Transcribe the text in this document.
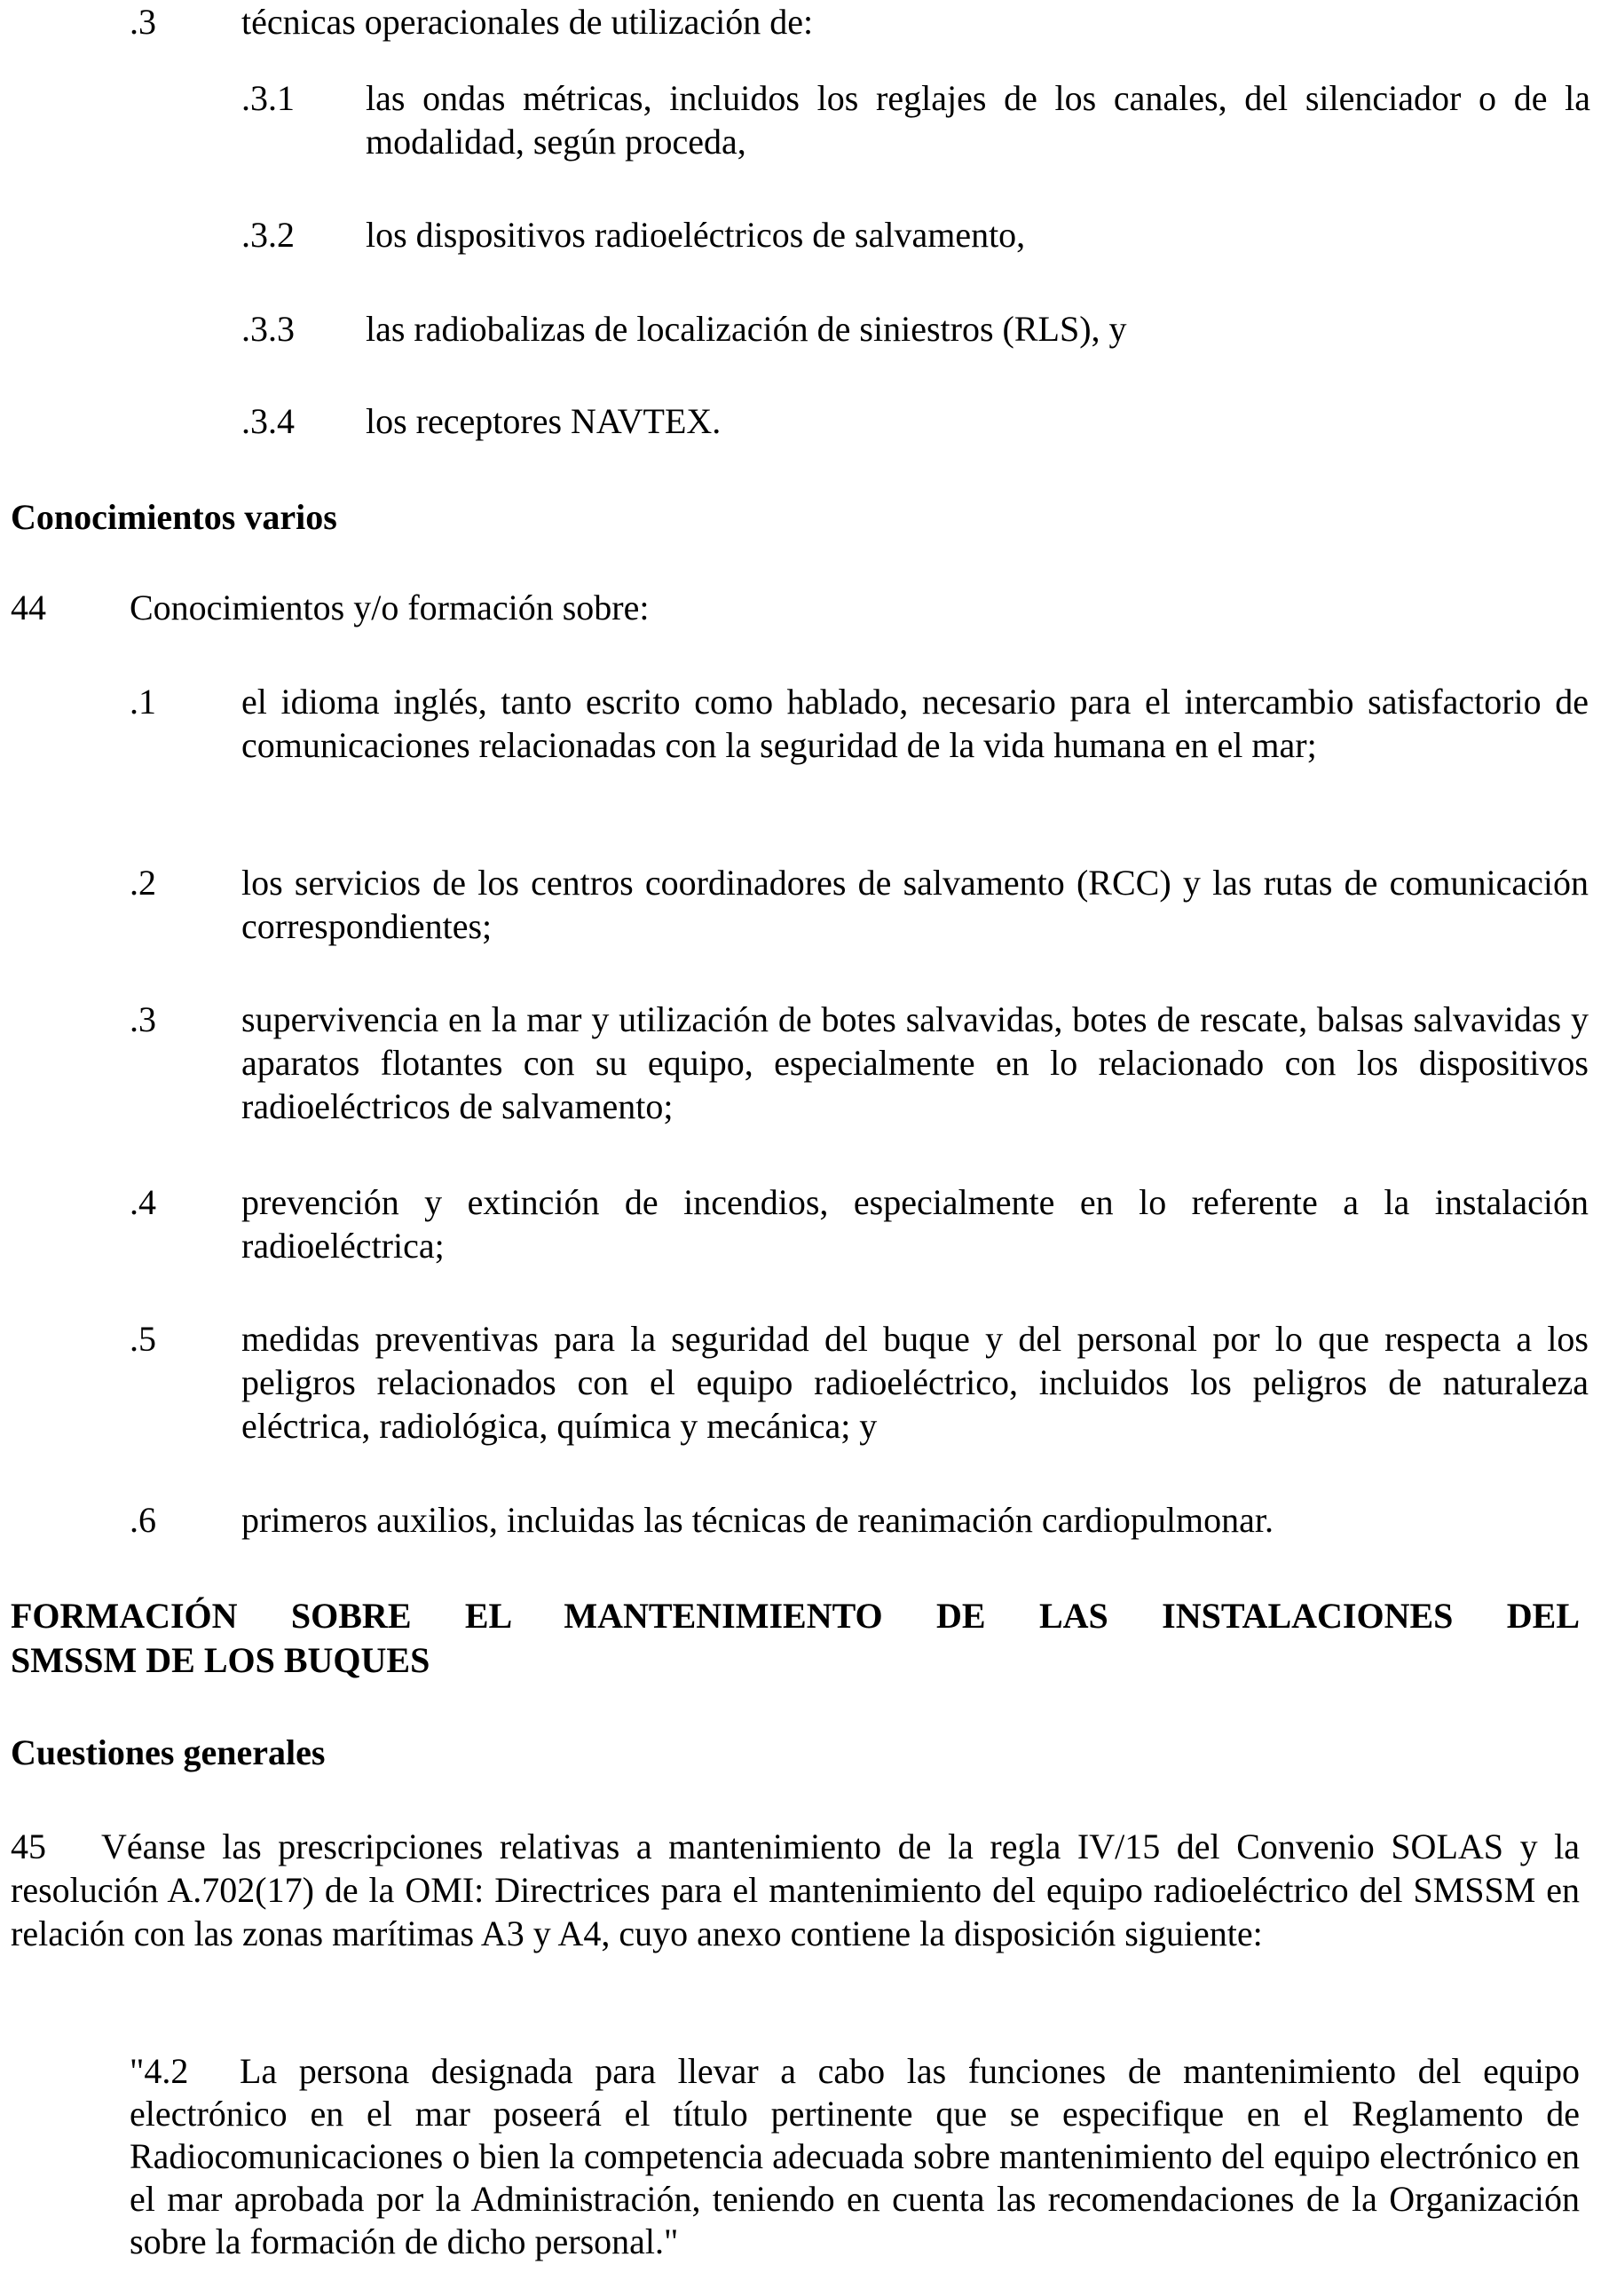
.3 técnicas operacionales de utilización de:
.3.1 las ondas métricas, incluidos los reglajes de los canales, del silenciador o de la modalidad, según proceda,
.3.2 los dispositivos radioeléctricos de salvamento,
.3.3 las radiobalizas de localización de siniestros (RLS), y
.3.4 los receptores NAVTEX.
Conocimientos varios
44 Conocimientos y/o formación sobre:
.1 el idioma inglés, tanto escrito como hablado, necesario para el intercambio satisfactorio de comunicaciones relacionadas con la seguridad de la vida humana en el mar;
.2 los servicios de los centros coordinadores de salvamento (RCC) y las rutas de comunicación correspondientes;
.3 supervivencia en la mar y utilización de botes salvavidas, botes de rescate, balsas salvavidas y aparatos flotantes con su equipo, especialmente en lo relacionado con los dispositivos radioeléctricos de salvamento;
.4 prevención y extinción de incendios, especialmente en lo referente a la instalación radioeléctrica;
.5 medidas preventivas para la seguridad del buque y del personal por lo que respecta a los peligros relacionados con el equipo radioeléctrico, incluidos los peligros de naturaleza eléctrica, radiológica, química y mecánica; y
.6 primeros auxilios, incluidas las técnicas de reanimación cardiopulmonar.
FORMACIÓN SOBRE EL MANTENIMIENTO DE LAS INSTALACIONES DEL
SMSSM DE LOS BUQUES
Cuestiones generales
45 Véanse las prescripciones relativas a mantenimiento de la regla IV/15 del Convenio SOLAS y la resolución A.702(17) de la OMI: Directrices para el mantenimiento del equipo radioeléctrico del SMSSM en relación con las zonas marítimas A3 y A4, cuyo anexo contiene la disposición siguiente:
"4.2 La persona designada para llevar a cabo las funciones de mantenimiento del equipo electrónico en el mar poseerá el título pertinente que se especifique en el Reglamento de Radiocomunicaciones o bien la competencia adecuada sobre mantenimiento del equipo electrónico en el mar aprobada por la Administración, teniendo en cuenta las recomendaciones de la Organización sobre la formación de dicho personal."
